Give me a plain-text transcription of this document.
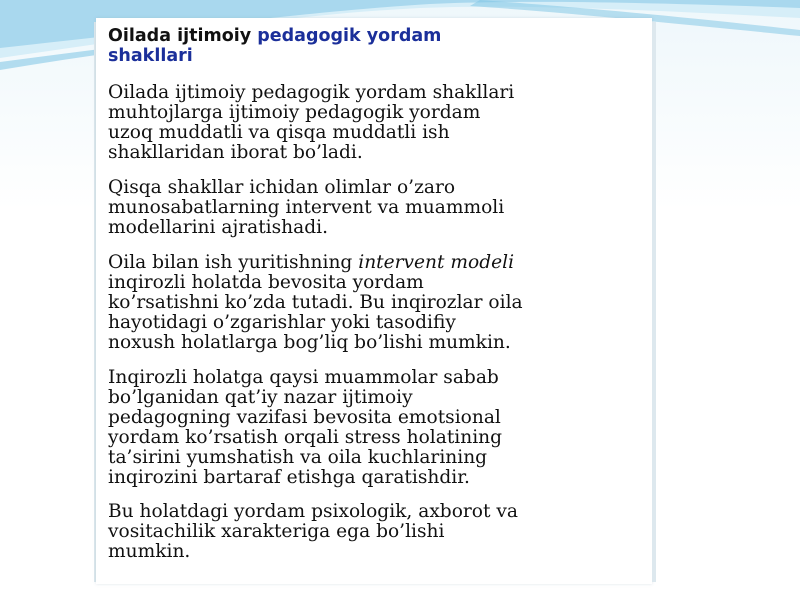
Oilada ijtimoiy pedagogik yordam
shakllari

Oilada ijtimoiy pedagogik yordam shakllari
muhtojlarga ijtimoiy pedagogik yordam
uzoq muddatli va qisqa muddatli ish
shakllaridan iborat bo’ladi.

Qisqa shakllar ichidan olimlar o’zaro
munosabatlarning intervent va muammoli
modellarini ajratishadi.

Oila bilan ish yuritishning intervent modeli
inqirozli holatda bevosita yordam
ko’rsatishni ko’zda tutadi. Bu inqirozlar oila
hayotidagi o’zgarishlar yoki tasodifiy
noxush holatlarga bog’liq bo’lishi mumkin.

Inqirozli holatga qaysi muammolar sabab
bo’lganidan qat’iy nazar ijtimoiy
pedagogning vazifasi bevosita emotsional
yordam ko’rsatish orqali stress holatining
ta’sirini yumshatish va oila kuchlarining
inqirozini bartaraf etishga qaratishdir.

Bu holatdagi yordam psixologik, axborot va
vositachilik xarakteriga ega bo’lishi
mumkin.
